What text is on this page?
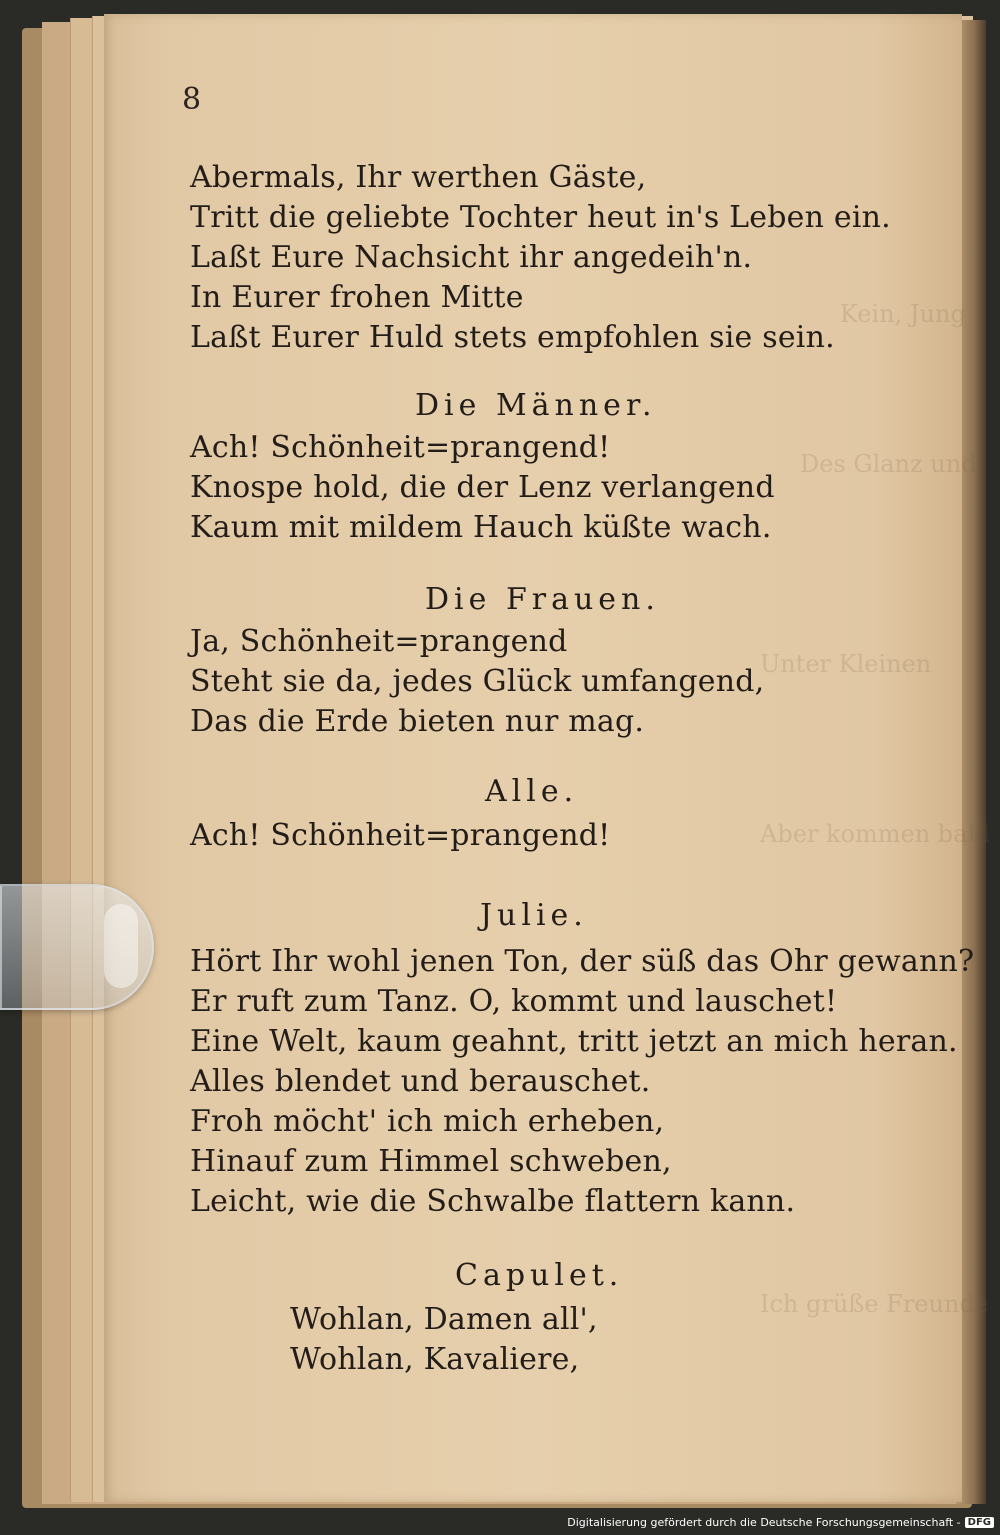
Kein, Jung
Des Glanz und
Unter Kleinen
Aber kommen bald
Ich grüße Freunde
8
Abermals, Ihr werthen Gäste,
Tritt die geliebte Tochter heut in's Leben ein.
Laßt Eure Nachsicht ihr angedeih'n.
In Eurer frohen Mitte
Laßt Eurer Huld stets empfohlen sie sein.
Die Männer.
Ach! Schönheit=prangend!
Knospe hold, die der Lenz verlangend
Kaum mit mildem Hauch küßte wach.
Die Frauen.
Ja, Schönheit=prangend
Steht sie da, jedes Glück umfangend,
Das die Erde bieten nur mag.
Alle.
Ach! Schönheit=prangend!
Julie.
Hört Ihr wohl jenen Ton, der süß das Ohr gewann?
Er ruft zum Tanz. O, kommt und lauschet!
Eine Welt, kaum geahnt, tritt jetzt an mich heran.
Alles blendet und berauschet.
Froh möcht' ich mich erheben,
Hinauf zum Himmel schweben,
Leicht, wie die Schwalbe flattern kann.
Capulet.
Wohlan, Damen all',
Wohlan, Kavaliere,
Digitalisierung gefördert durch die Deutsche Forschungsgemeinschaft - DFG
